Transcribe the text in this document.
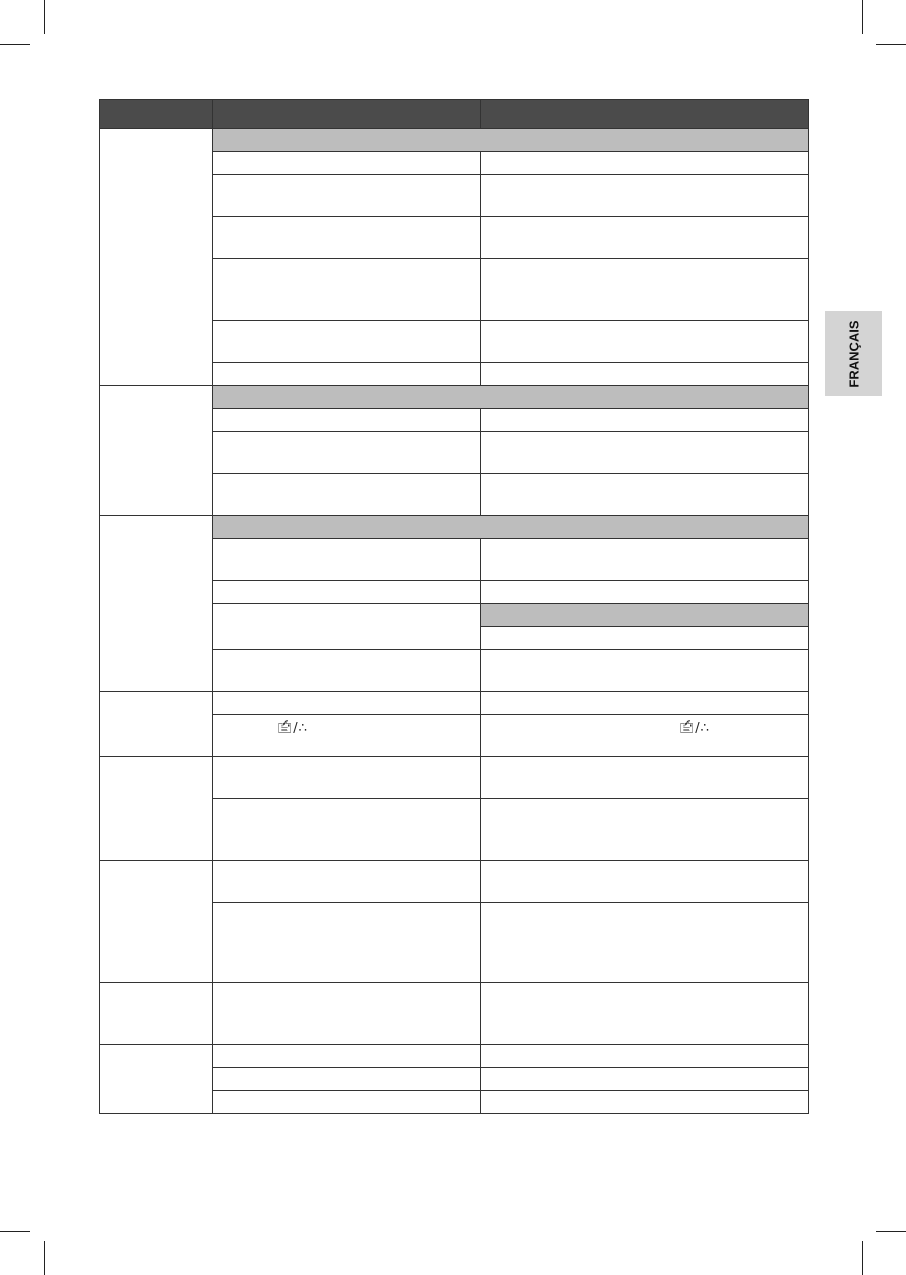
	🖆/∴	🖆/∴

FRANÇAIS
